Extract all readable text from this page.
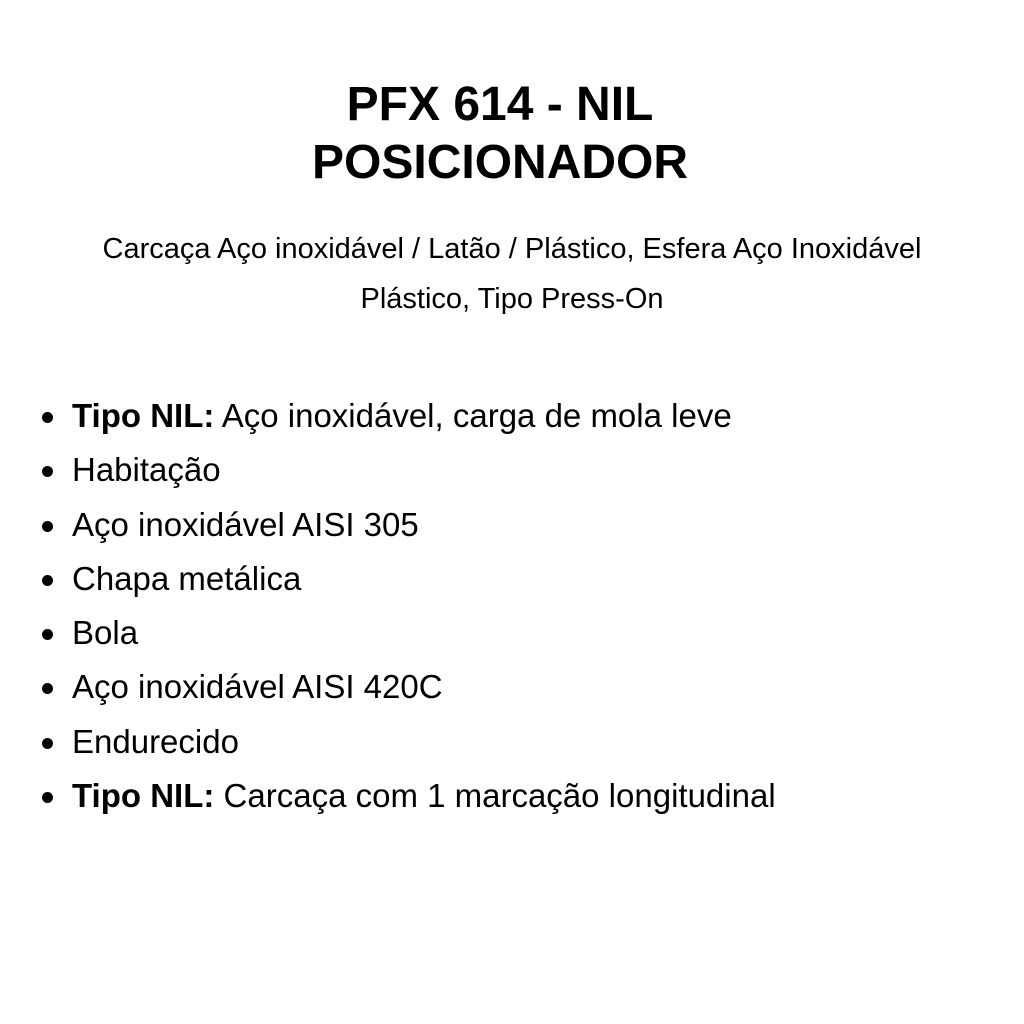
PFX 614 - NIL
POSICIONADOR

Carcaça Aço inoxidável / Latão / Plástico, Esfera Aço Inoxidável
Plástico, Tipo Press-On

Tipo NIL: Aço inoxidável, carga de mola leve
Habitação
Aço inoxidável AISI 305
Chapa metálica
Bola
Aço inoxidável AISI 420C
Endurecido
Tipo NIL: Carcaça com 1 marcação longitudinal
